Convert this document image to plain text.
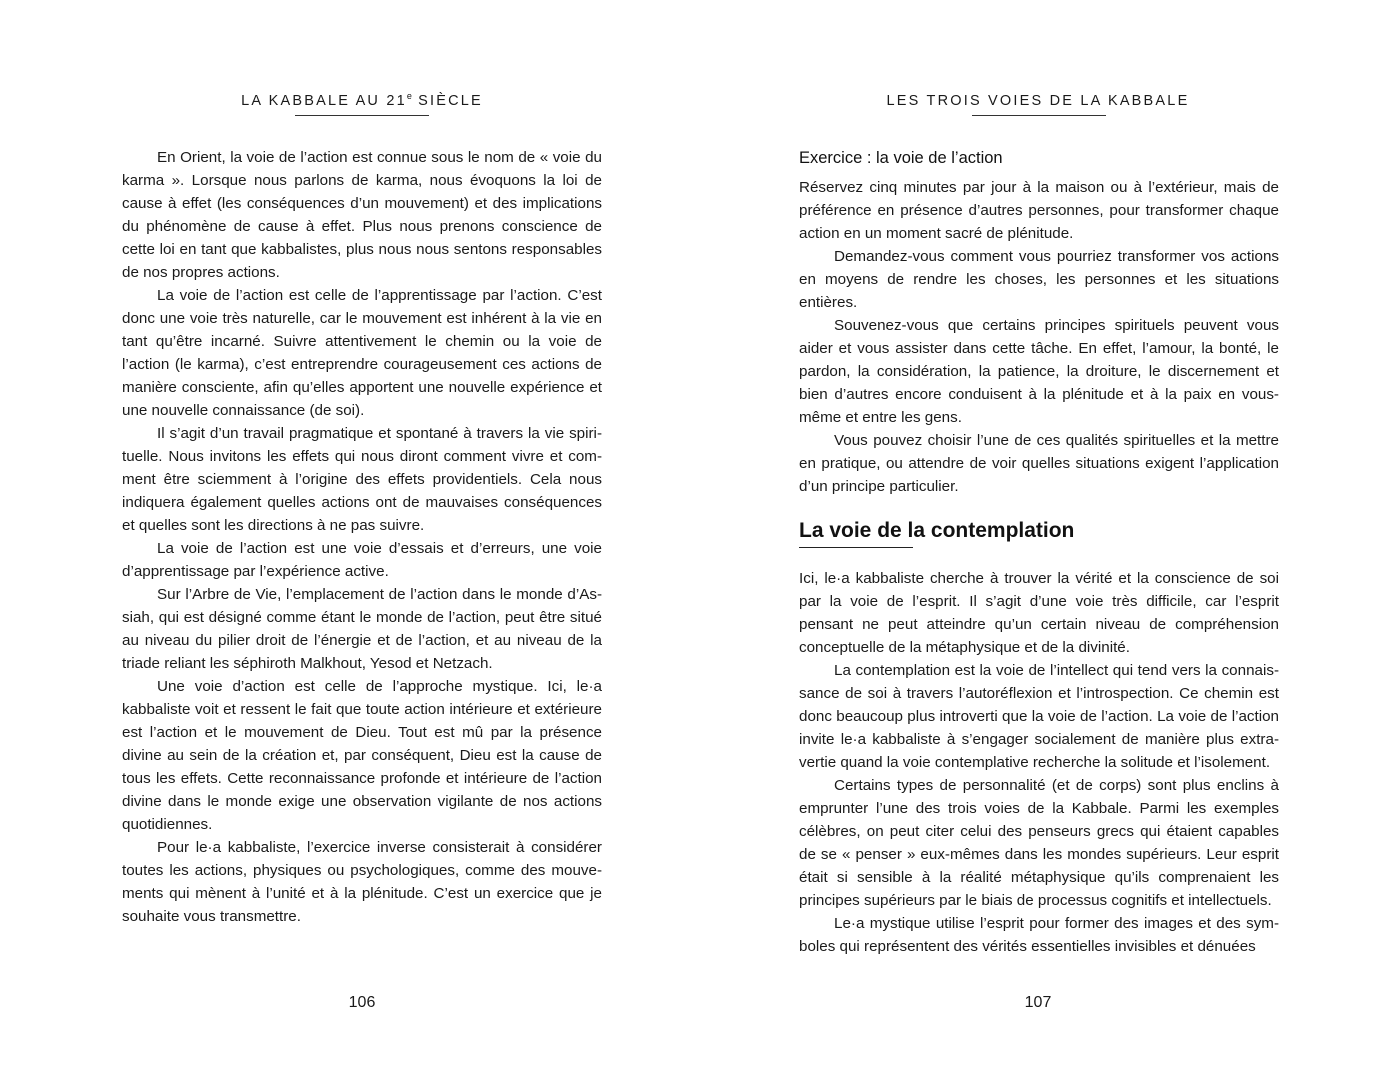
LA KABBALE AU 21e SIÈCLE

En Orient, la voie de l’action est connue sous le nom de « voie du karma ». Lorsque nous parlons de karma, nous évoquons la loi de cause à effet (les conséquences d’un mouvement) et des implications du phénomène de cause à effet. Plus nous prenons conscience de cette loi en tant que kabbalistes, plus nous nous sentons responsables de nos propres actions.

La voie de l’action est celle de l’apprentissage par l’action. C’est donc une voie très naturelle, car le mouvement est inhérent à la vie en tant qu’être incarné. Suivre attentivement le chemin ou la voie de l’action (le karma), c’est entreprendre courageusement ces actions de manière consciente, afin qu’elles apportent une nouvelle expérience et une nouvelle connaissance (de soi).

Il s’agit d’un travail pragmatique et spontané à travers la vie spirituelle. Nous invitons les effets qui nous diront comment vivre et comment être sciemment à l’origine des effets providentiels. Cela nous indiquera également quelles actions ont de mauvaises conséquences et quelles sont les directions à ne pas suivre.

La voie de l’action est une voie d’essais et d’erreurs, une voie d’apprentissage par l’expérience active.

Sur l’Arbre de Vie, l’emplacement de l’action dans le monde d’Assiah, qui est désigné comme étant le monde de l’action, peut être situé au niveau du pilier droit de l’énergie et de l’action, et au niveau de la triade reliant les séphiroth Malkhout, Yesod et Netzach.

Une voie d’action est celle de l’approche mystique. Ici, le·a kabbaliste voit et ressent le fait que toute action intérieure et extérieure est l’action et le mouvement de Dieu. Tout est mû par la présence divine au sein de la création et, par conséquent, Dieu est la cause de tous les effets. Cette reconnaissance profonde et intérieure de l’action divine dans le monde exige une observation vigilante de nos actions quotidiennes.

Pour le·a kabbaliste, l’exercice inverse consisterait à considérer toutes les actions, physiques ou psychologiques, comme des mouvements qui mènent à l’unité et à la plénitude. C’est un exercice que je souhaite vous transmettre.

106
LES TROIS VOIES DE LA KABBALE
Exercice : la voie de l’action

Réservez cinq minutes par jour à la maison ou à l’extérieur, mais de préférence en présence d’autres personnes, pour transformer chaque action en un moment sacré de plénitude.

Demandez-vous comment vous pourriez transformer vos actions en moyens de rendre les choses, les personnes et les situations entières.

Souvenez-vous que certains principes spirituels peuvent vous aider et vous assister dans cette tâche. En effet, l’amour, la bonté, le pardon, la considération, la patience, la droiture, le discernement et bien d’autres encore conduisent à la plénitude et à la paix en vous-même et entre les gens.

Vous pouvez choisir l’une de ces qualités spirituelles et la mettre en pratique, ou attendre de voir quelles situations exigent l’application d’un principe particulier.

La voie de la contemplation

Ici, le·a kabbaliste cherche à trouver la vérité et la conscience de soi par la voie de l’esprit. Il s’agit d’une voie très difficile, car l’esprit pensant ne peut atteindre qu’un certain niveau de compréhension conceptuelle de la métaphysique et de la divinité.

La contemplation est la voie de l’intellect qui tend vers la connaissance de soi à travers l’autoréflexion et l’introspection. Ce chemin est donc beaucoup plus introverti que la voie de l’action. La voie de l’action invite le·a kabbaliste à s’engager socialement de manière plus extravertie quand la voie contemplative recherche la solitude et l’isolement.

Certains types de personnalité (et de corps) sont plus enclins à emprunter l’une des trois voies de la Kabbale. Parmi les exemples célèbres, on peut citer celui des penseurs grecs qui étaient capables de se « penser » eux-mêmes dans les mondes supérieurs. Leur esprit était si sensible à la réalité métaphysique qu’ils comprenaient les principes supérieurs par le biais de processus cognitifs et intellectuels.

Le·a mystique utilise l’esprit pour former des images et des symboles qui représentent des vérités essentielles invisibles et dénuées

107
